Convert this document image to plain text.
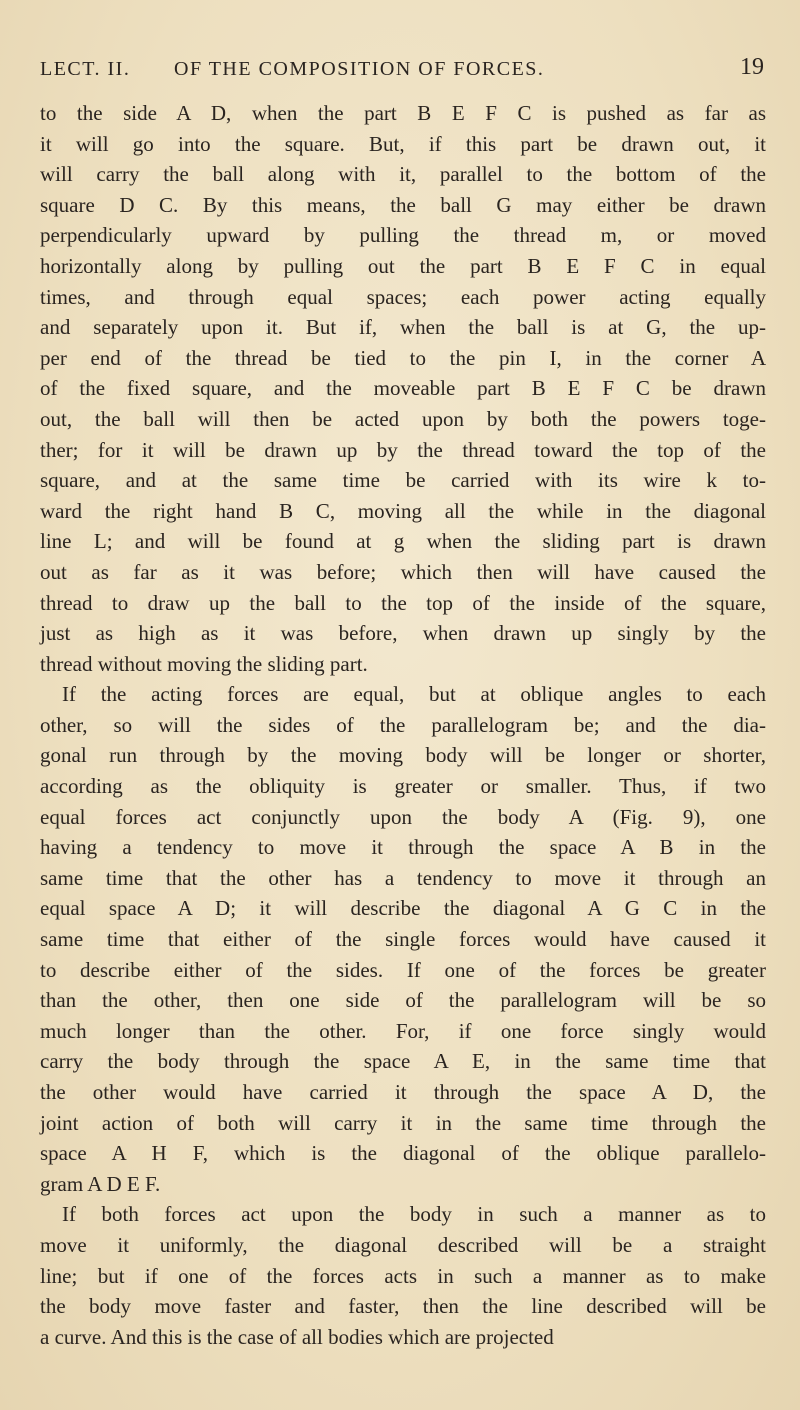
LECT. II. OF THE COMPOSITION OF FORCES.	19
to the side A D, when the part B E F C is pushed as far as
it will go into the square. But, if this part be drawn out, it
will carry the ball along with it, parallel to the bottom of the
square D C. By this means, the ball G may either be drawn
perpendicularly upward by pulling the thread m, or moved
horizontally along by pulling out the part B E F C in equal
times, and through equal spaces; each power acting equally
and separately upon it. But if, when the ball is at G, the up-
per end of the thread be tied to the pin I, in the corner A
of the fixed square, and the moveable part B E F C be drawn
out, the ball will then be acted upon by both the powers toge-
ther; for it will be drawn up by the thread toward the top of the
square, and at the same time be carried with its wire k to-
ward the right hand B C, moving all the while in the diagonal
line L; and will be found at g when the sliding part is drawn
out as far as it was before; which then will have caused the
thread to draw up the ball to the top of the inside of the square,
just as high as it was before, when drawn up singly by the
thread without moving the sliding part.
If the acting forces are equal, but at oblique angles to each
other, so will the sides of the parallelogram be; and the dia-
gonal run through by the moving body will be longer or shorter,
according as the obliquity is greater or smaller. Thus, if two
equal forces act conjunctly upon the body A (Fig. 9), one
having a tendency to move it through the space A B in the
same time that the other has a tendency to move it through an
equal space A D; it will describe the diagonal A G C in the
same time that either of the single forces would have caused it
to describe either of the sides. If one of the forces be greater
than the other, then one side of the parallelogram will be so
much longer than the other. For, if one force singly would
carry the body through the space A E, in the same time that
the other would have carried it through the space A D, the
joint action of both will carry it in the same time through the
space A H F, which is the diagonal of the oblique parallelo-
gram A D E F.
If both forces act upon the body in such a manner as to
move it uniformly, the diagonal described will be a straight
line; but if one of the forces acts in such a manner as to make
the body move faster and faster, then the line described will be
a curve. And this is the case of all bodies which are projected
